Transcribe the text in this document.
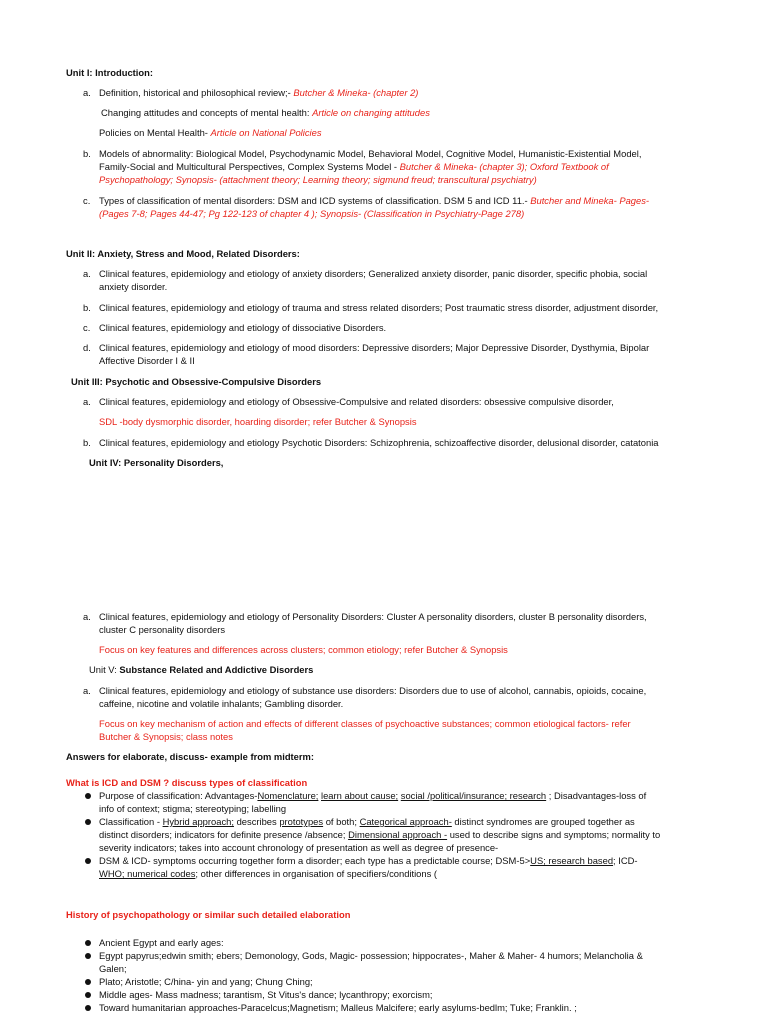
Unit I: Introduction:
a. Definition, historical and philosophical review;- Butcher & Mineka- (chapter 2)
Changing attitudes and concepts of mental health: Article on changing attitudes
Policies on Mental Health- Article on National Policies
b. Models of abnormality: Biological Model, Psychodynamic Model, Behavioral Model, Cognitive Model, Humanistic-Existential Model,
Family-Social and Multicultural Perspectives, Complex Systems Model - Butcher & Mineka- (chapter 3); Oxford Textbook of
Psychopathology; Synopsis- (attachment theory; Learning theory; sigmund freud; transcultural psychiatry)
c. Types of classification of mental disorders: DSM and ICD systems of classification. DSM 5 and ICD 11.- Butcher and Mineka- Pages-
(Pages 7-8; Pages 44-47; Pg 122-123 of chapter 4 ); Synopsis- (Classification in Psychiatry-Page 278)
Unit II: Anxiety, Stress and Mood, Related Disorders:
a. Clinical features, epidemiology and etiology of anxiety disorders; Generalized anxiety disorder, panic disorder, specific phobia, social
anxiety disorder.
b. Clinical features, epidemiology and etiology of trauma and stress related disorders; Post traumatic stress disorder, adjustment disorder,
c. Clinical features, epidemiology and etiology of dissociative Disorders.
d. Clinical features, epidemiology and etiology of mood disorders: Depressive disorders; Major Depressive Disorder, Dysthymia, Bipolar
Affective Disorder I & II
Unit III: Psychotic and Obsessive-Compulsive Disorders
a. Clinical features, epidemiology and etiology of Obsessive-Compulsive and related disorders: obsessive compulsive disorder,
SDL -body dysmorphic disorder, hoarding disorder; refer Butcher & Synopsis
b. Clinical features, epidemiology and etiology Psychotic Disorders: Schizophrenia, schizoaffective disorder, delusional disorder, catatonia
Unit IV: Personality Disorders,
a. Clinical features, epidemiology and etiology of Personality Disorders: Cluster A personality disorders, cluster B personality disorders,
cluster C personality disorders
Focus on key features and differences across clusters; common etiology; refer Butcher & Synopsis
Unit V: Substance Related and Addictive Disorders
a. Clinical features, epidemiology and etiology of substance use disorders: Disorders due to use of alcohol, cannabis, opioids, cocaine,
caffeine, nicotine and volatile inhalants; Gambling disorder.
Focus on key mechanism of action and effects of different classes of psychoactive substances; common etiological factors- refer
Butcher & Synopsis; class notes
Answers for elaborate, discuss- example from midterm:
What is ICD and DSM ? discuss types of classification
Purpose of classification: Advantages-Nomenclature; learn about cause; social /political/insurance; research ; Disadvantages-loss of
info of context; stigma; stereotyping; labelling
Classification - Hybrid approach; describes prototypes of both; Categorical approach- distinct syndromes are grouped together as
distinct disorders; indicators for definite presence /absence; Dimensional approach - used to describe signs and symptoms; normality to
severity indicators; takes into account chronology of presentation as well as degree of presence-
DSM & ICD- symptoms occurring together form a disorder; each type has a predictable course; DSM-5>US; research based; ICD-
WHO; numerical codes; other differences in organisation of specifiers/conditions (
History of psychopathology or similar such detailed elaboration
Ancient Egypt and early ages:
Egypt papyrus;edwin smith; ebers; Demonology, Gods, Magic- possession; hippocrates-, Maher & Maher- 4 humors; Melancholia &
Galen;
Plato; Aristotle; C/hina- yin and yang; Chung Ching;
Middle ages- Mass madness; tarantism, St Vitus's dance; lycanthropy; exorcism;
Toward humanitarian approaches-Paracelcus;Magnetism; Malleus Malcifere; early asylums-bedlm; Tuke; Franklin. ;
